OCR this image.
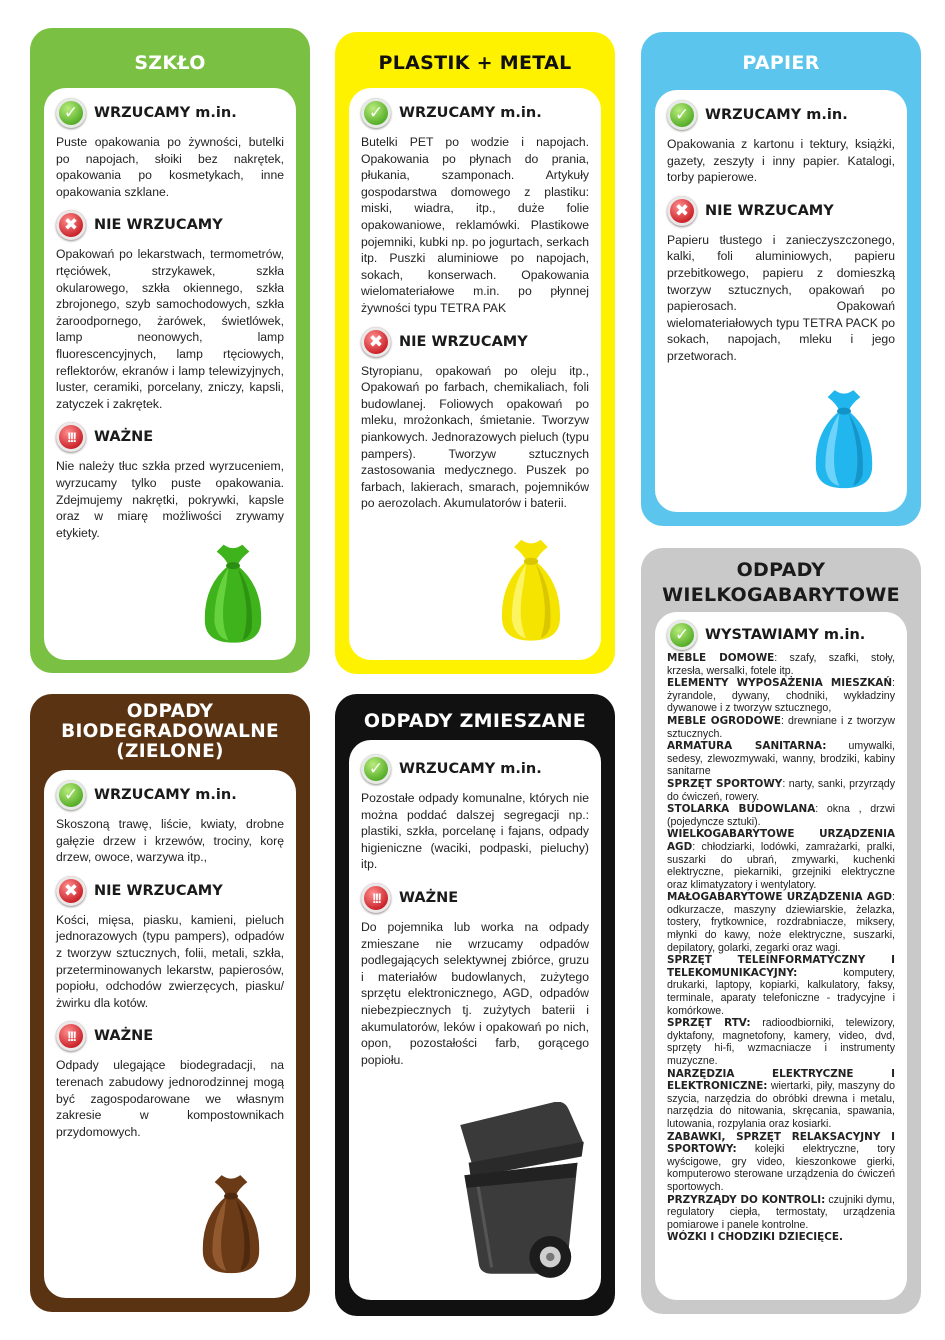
SZKŁO
✓	WRZUCAMY m.in.

Puste opakowania po żywności, butelki po napojach, słoiki bez nakrętek, opakowania po kosmetykach, inne opakowania szklane.

✖	NIE WRZUCAMY

Opakowań po lekarstwach, termometrów, rtęciówek, strzykawek, szkła okularowego, szkła okiennego, szkła zbrojonego, szyb samochodowych, szkła żaroodpornego, żarówek, świetlówek, lamp neonowych, lamp fluorescencyjnych, lamp rtęciowych, reflektorów, ekranów i lamp telewizyjnych, luster, ceramiki, porcelany, zniczy, kapsli, zatyczek i zakrętek.

!!!	WAŻNE

Nie należy tłuc szkła przed wyrzuceniem, wyrzucamy tylko puste opakowania. Zdejmujemy nakrętki, pokrywki, kapsle oraz w miarę możliwości zrywamy etykiety.

PLASTIK + METAL
✓	WRZUCAMY m.in.

Butelki PET po wodzie i napojach. Opakowania po płynach do prania, płukania, szamponach. Artykuły gospodarstwa domowego z plastiku: miski, wiadra, itp., duże folie opakowaniowe, reklamówki. Plastikowe pojemniki, kubki np. po jogurtach, serkach itp. Puszki aluminiowe po napojach, sokach, konserwach. Opakowania wielomateriałowe m.in. po płynnej żywności typu TETRA PAK

✖	NIE WRZUCAMY

Styropianu, opakowań po oleju itp., Opakowań po farbach, chemikaliach, foli budowlanej. Foliowych opakowań po mleku, mrożonkach, śmietanie. Tworzyw piankowych. Jednorazowych pieluch (typu pampers). Tworzyw sztucznych zastosowania medycznego. Puszek po farbach, lakierach, smarach, pojemników po aerozolach. Akumulatorów i baterii.

PAPIER
✓	WRZUCAMY m.in.

Opakowania z kartonu i tektury, książki, gazety, zeszyty i inny papier. Katalogi, torby papierowe.

✖	NIE WRZUCAMY

Papieru tłustego i zanieczyszczonego, kalki, foli aluminiowych, papieru przebitkowego, papieru z domieszką tworzyw sztucznych, opakowań po papierosach. Opakowań wielomateriałowych typu TETRA PACK po sokach, napojach, mleku i jego przetworach.

ODPADY
BIODEGRADOWALNE
(ZIELONE)
✓	WRZUCAMY m.in.

Skoszoną trawę, liście, kwiaty, drobne gałęzie drzew i krzewów, trociny, korę drzew, owoce, warzywa itp.,

✖	NIE WRZUCAMY

Kości, mięsa, piasku, kamieni, pieluch jednorazowych (typu pampers), odpadów z tworzyw sztucznych, folii, metali, szkła, przeterminowanych lekarstw, papierosów, popiołu, odchodów zwierzęcych, piasku/żwirku dla kotów.

!!!	WAŻNE

Odpady ulegające biodegradacji, na terenach zabudowy jednorodzinnej mogą być zagospodarowane we własnym zakresie w kompostownikach przydomowych.

ODPADY ZMIESZANE
✓	WRZUCAMY m.in.

Pozostałe odpady komunalne, których nie można poddać dalszej segregacji np.: plastiki, szkła, porcelanę i fajans, odpady higieniczne (waciki, podpaski, pieluchy) itp.

!!!	WAŻNE

Do pojemnika lub worka na odpady zmieszane nie wrzucamy odpadów podlegających selektywnej zbiórce, gruzu i materiałów budowlanych, zużytego sprzętu elektronicznego, AGD, odpadów niebezpiecznych tj. zużytych baterii i akumulatorów, leków i opakowań po nich, opon, pozostałości farb, gorącego popiołu.

ODPADY
WIELKOGABARYTOWE
✓	WYSTAWIAMY m.in.

MEBLE DOMOWE: szafy, szafki, stoły, krzesła, wersalki, fotele itp.

ELEMENTY WYPOSAŻENIA MIESZKAŃ: żyrandole, dywany, chodniki, wykładziny dywanowe i z tworzyw sztucznego,

MEBLE OGRODOWE: drewniane i z tworzyw sztucznych.

ARMATURA SANITARNA: umywalki, sedesy, zlewozmywaki, wanny, brodziki, kabiny sanitarne

SPRZĘT SPORTOWY: narty, sanki, przyrządy do ćwiczeń, rowery.

STOLARKA BUDOWLANA: okna , drzwi (pojedyncze sztuki).

WIELKOGABARYTOWE URZĄDZENIA AGD: chłodziarki, lodówki, zamrażarki, pralki, suszarki do ubrań, zmywarki, kuchenki elektryczne, piekarniki, grzejniki elektryczne oraz klimatyzatory i wentylatory.

MAŁOGABARYTOWE URZĄDZENIA AGD: odkurzacze, maszyny dziewiarskie, żelazka, tostery, frytkownice, rozdrabniacze, miksery, młynki do kawy, noże elektryczne, suszarki, depilatory, golarki, zegarki oraz wagi.

SPRZĘT TELEINFORMATYCZNY I TELEKOMUNIKACYJNY: komputery, drukarki, laptopy, kopiarki, kalkulatory, faksy, terminale, aparaty telefoniczne - tradycyjne i komórkowe.

SPRZĘT RTV: radioodbiorniki, telewizory, dyktafony, magnetofony, kamery, video, dvd, sprzęty hi-fi, wzmacniacze i instrumenty muzyczne.

NARZĘDZIA ELEKTRYCZNE I ELEKTRONICZNE: wiertarki, piły, maszyny do szycia, narzędzia do obróbki drewna i metalu, narzędzia do nitowania, skręcania, spawania, lutowania, rozpylania oraz kosiarki.

ZABAWKI, SPRZĘT RELAKSACYJNY I SPORTOWY: kolejki elektryczne, tory wyścigowe, gry video, kieszonkowe gierki, komputerowo sterowane urządzenia do ćwiczeń sportowych.

PRZYRZĄDY DO KONTROLI: czujniki dymu, regulatory ciepła, termostaty, urządzenia pomiarowe i panele kontrolne.

WÓZKI I CHODZIKI DZIECIĘCE.
